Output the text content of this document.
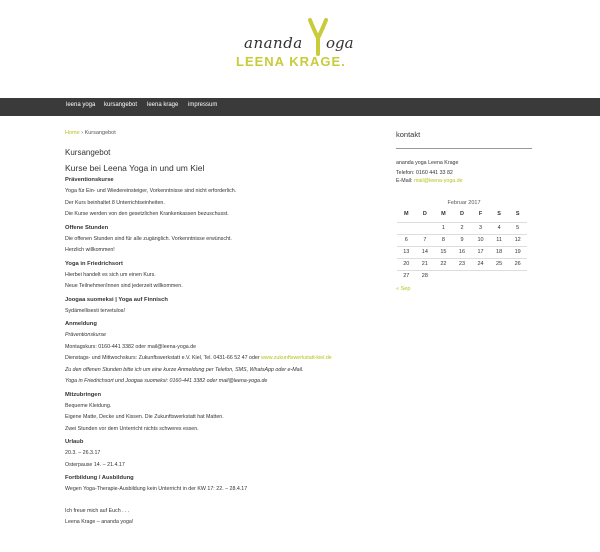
ananda oga
LEENA KRAGE.
leena yoga kursangebot leena krage impressum
Home › Kursangebot
Kursangebot
Kurse bei Leena Yoga in und um Kiel
Präventionskurse
Yoga für Ein- und Wiedereinsteiger, Vorkenntnisse sind nicht erforderlich.
Der Kurs beinhaltet 8 Unterrichtseinheiten.
Die Kurse werden von den gesetzlichen Krankenkassen bezuschusst.
Offene Stunden
Die offenen Stunden sind für alle zugänglich. Vorkenntnisse erwünscht.
Herzlich willkommen!
Yoga in Friedrichsort
Hierbei handelt es sich um einen Kurs.
Neue Teilnehmer/innen sind jederzeit willkommen.
Joogaa suomeksi | Yoga auf Finnisch
Sydämellisesti tervetuloa!
Anmeldung
Präventionskurse
Montagskurs: 0160-441 3382 oder mail@leena-yoga.de
Dienstags- und Mittwochskurs: Zukunftswerkstatt e.V. Kiel, Tel. 0431-66 52 47 oder www.zukunftswerkstatt-kiel.de
Zu den offenen Stunden bitte ich um eine kurze Anmeldung per Telefon, SMS, WhatsApp oder e-Mail.
Yoga in Friedrichsort und Joogaa suomeksi: 0160-441 3382 oder mail@leena-yoga.de
Mitzubringen
Bequeme Kleidung.
Eigene Matte, Decke und Kissen. Die Zukunftswerkstatt hat Matten.
Zwei Stunden vor dem Unterricht nichts schweres essen.
Urlaub
20.3. – 26.3.17
Osterpause 14. – 21.4.17
Fortbildung / Ausbildung
Wegen Yoga-Therapie-Ausbildung kein Unterricht in der KW 17: 22. – 28.4.17
Ich freue mich auf Euch . . .
Leena Krage – ananda yoga!
kontakt
ananda yoga Leena Krage
Telefon: 0160 441 33 82
E-Mail: mail@leena-yoga.de
Februar 2017
M	D	M	D	F	S	S
		1	2	3	4	5
6	7	8	9	10	11	12
13	14	15	16	17	18	19
20	21	22	23	24	25	26
27	28					
« Sep
